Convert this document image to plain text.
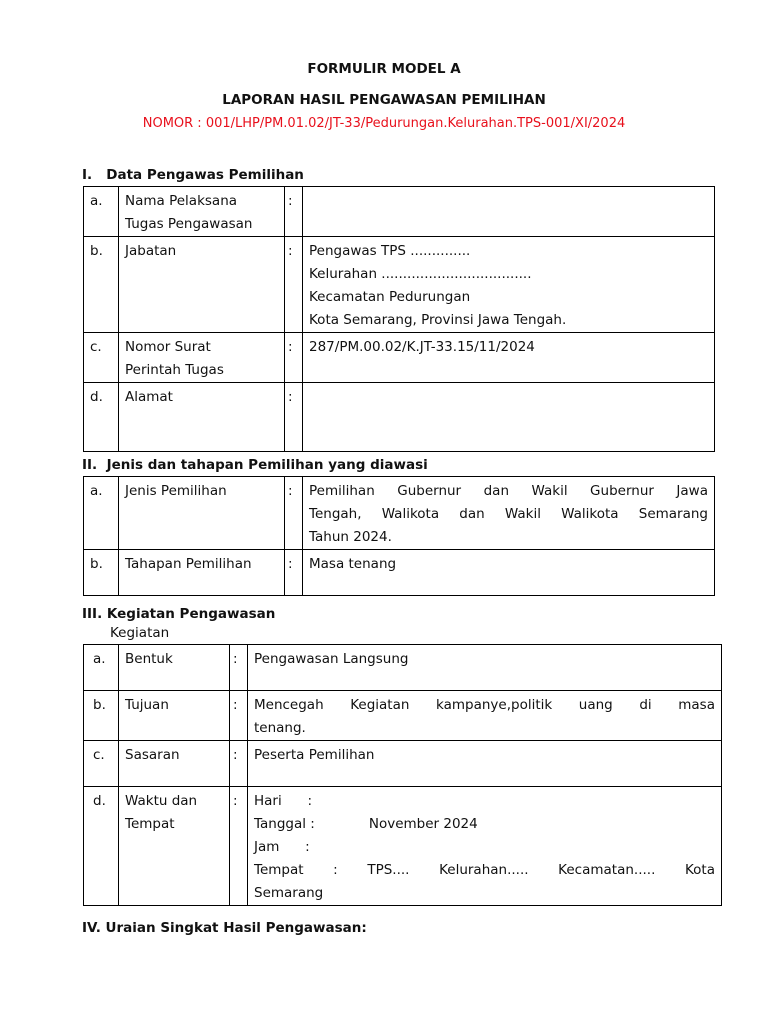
FORMULIR MODEL A
LAPORAN HASIL PENGAWASAN PEMILIHAN
NOMOR : 001/LHP/PM.01.02/JT-33/Pedurungan.Kelurahan.TPS-001/XI/2024
I.   Data Pengawas Pemilihan
a.	Nama Pelaksana
Tugas Pengawasan	:	
b.	Jabatan	:	Pengawas TPS ..............
Kelurahan ...................................
Kecamatan Pedurungan
Kota Semarang, Provinsi Jawa Tengah.

c.	Nomor Surat
Perintah Tugas	:	287/PM.00.02/K.JT-33.15/11/2024

d.	Alamat	:	
II.  Jenis dan tahapan Pemilihan yang diawasi
a.	Jenis Pemilihan	:	Pemilihan Gubernur dan Wakil Gubernur Jawa
Tengah, Walikota dan Wakil Walikota Semarang
Tahun 2024.

b.	Tahapan Pemilihan	:	Masa tenang
III. Kegiatan Pengawasan
Kegiatan
a.	Bentuk	:	Pengawasan Langsung

b.	Tujuan	:	Mencegah Kegiatan kampanye,politik uang di masa
tenang.

c.	Sasaran	:	Peserta Pemilihan

d.	Waktu dan
Tempat	:	Hari      :
Tanggal : November 2024
Jam      :
Tempat : TPS.... Kelurahan..... Kecamatan..... Kota
Semarang
IV. Uraian Singkat Hasil Pengawasan:
